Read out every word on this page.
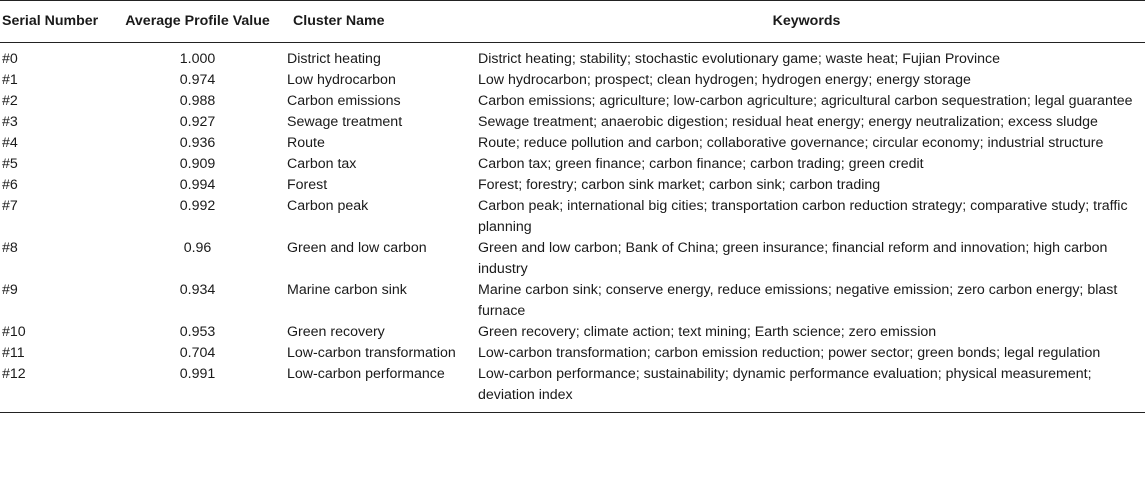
Serial Number	Average Profile Value	Cluster Name	Keywords
#0	1.000	District heating	District heating; stability; stochastic evolutionary game; waste heat; Fujian Province
#1	0.974	Low hydrocarbon	Low hydrocarbon; prospect; clean hydrogen; hydrogen energy; energy storage
#2	0.988	Carbon emissions	Carbon emissions; agriculture; low-carbon agriculture; agricultural carbon sequestration; legal guarantee
#3	0.927	Sewage treatment	Sewage treatment; anaerobic digestion; residual heat energy; energy neutralization; excess sludge
#4	0.936	Route	Route; reduce pollution and carbon; collaborative governance; circular economy; industrial structure
#5	0.909	Carbon tax	Carbon tax; green finance; carbon finance; carbon trading; green credit
#6	0.994	Forest	Forest; forestry; carbon sink market; carbon sink; carbon trading
#7	0.992	Carbon peak	Carbon peak; international big cities; transportation carbon reduction strategy; comparative study; traffic planning
#8	0.96	Green and low carbon	Green and low carbon; Bank of China; green insurance; financial reform and innovation; high carbon industry
#9	0.934	Marine carbon sink	Marine carbon sink; conserve energy, reduce emissions; negative emission; zero carbon energy; blast furnace
#10	0.953	Green recovery	Green recovery; climate action; text mining; Earth science; zero emission
#11	0.704	Low-carbon transformation	Low-carbon transformation; carbon emission reduction; power sector; green bonds; legal regulation
#12	0.991	Low-carbon performance	Low-carbon performance; sustainability; dynamic performance evaluation; physical measurement; deviation index
